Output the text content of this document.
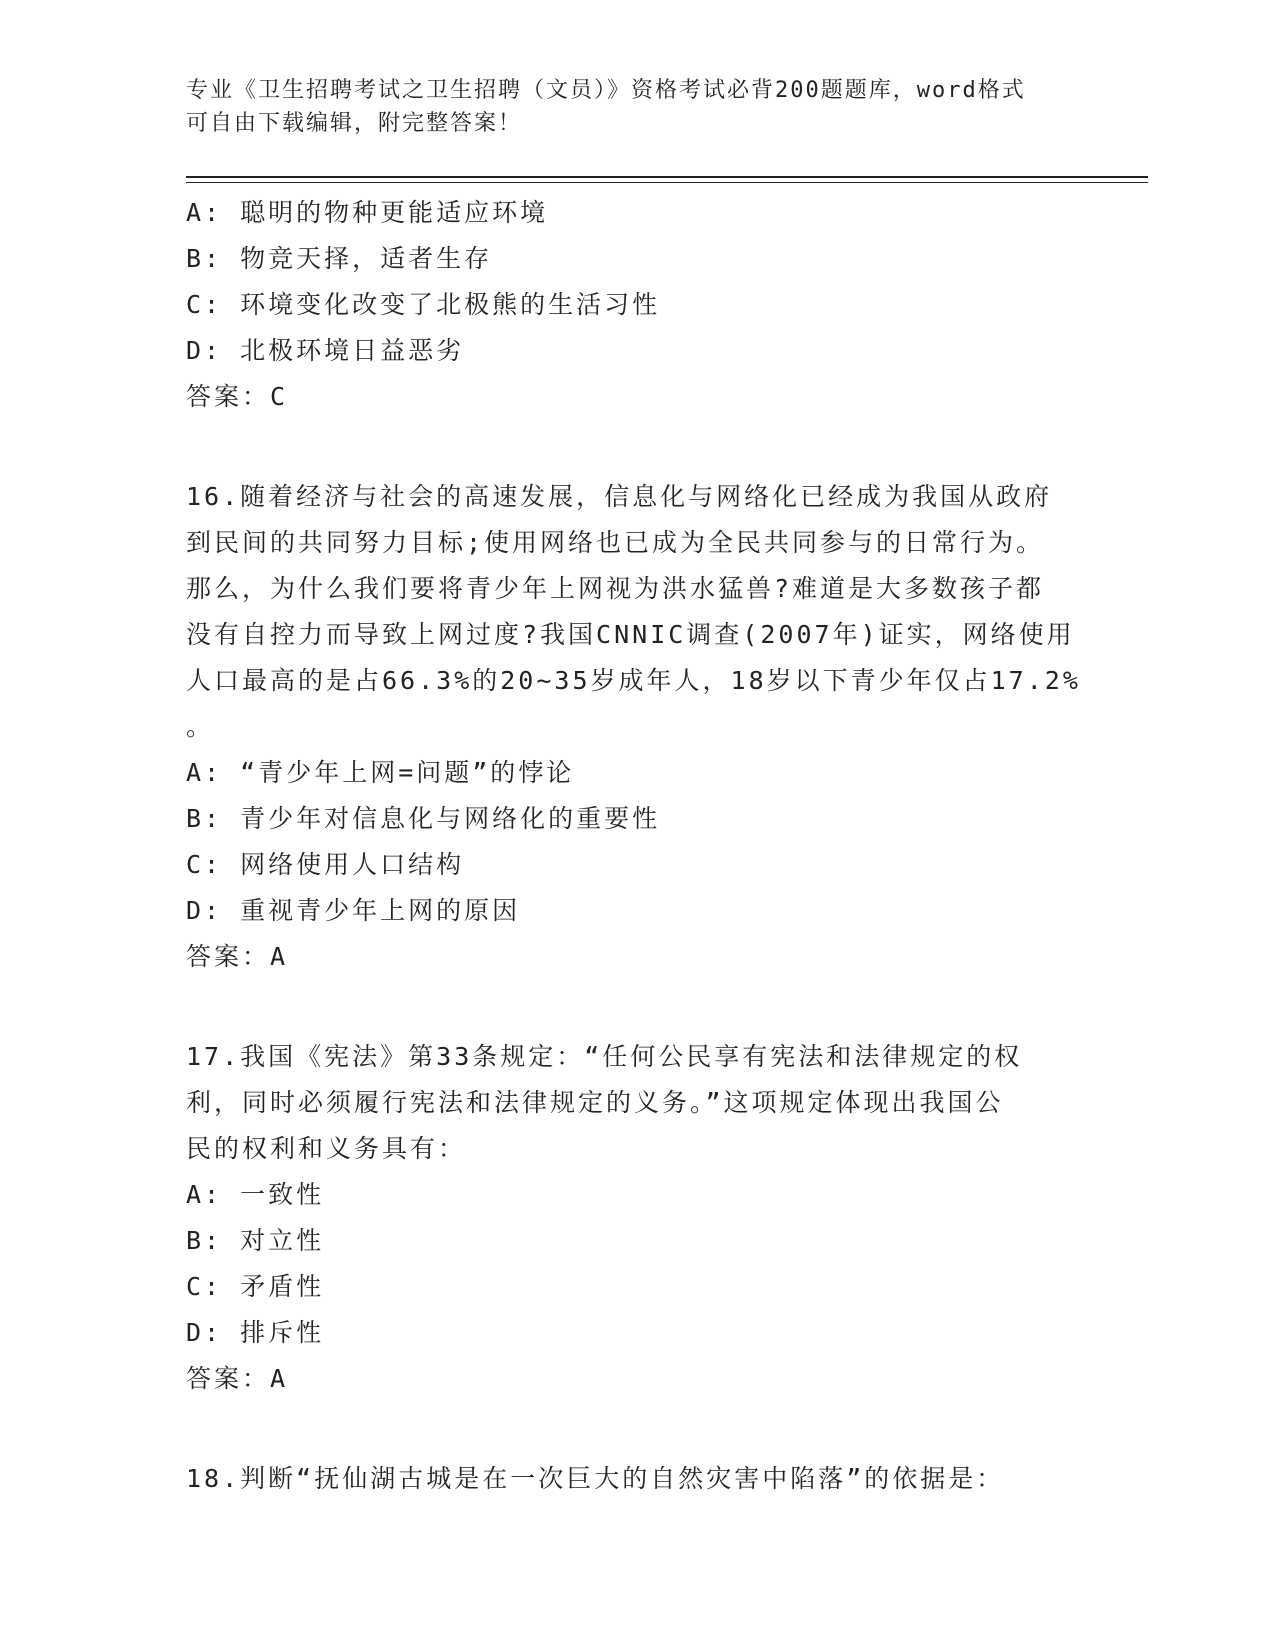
专业《卫生招聘考试之卫生招聘（文员）》资格考试必背200题题库，word格式
可自由下载编辑，附完整答案！
A: 聪明的物种更能适应环境
B: 物竞天择，适者生存
C: 环境变化改变了北极熊的生活习性
D: 北极环境日益恶劣
答案：C
16.随着经济与社会的高速发展，信息化与网络化已经成为我国从政府
到民间的共同努力目标;使用网络也已成为全民共同参与的日常行为。
那么，为什么我们要将青少年上网视为洪水猛兽?难道是大多数孩子都
没有自控力而导致上网过度?我国CNNIC调查(2007年)证实，网络使用
人口最高的是占66.3%的20~35岁成年人，18岁以下青少年仅占17.2%
。
A: “青少年上网=问题”的悖论
B: 青少年对信息化与网络化的重要性
C: 网络使用人口结构
D: 重视青少年上网的原因
答案：A
17.我国《宪法》第33条规定：“任何公民享有宪法和法律规定的权
利，同时必须履行宪法和法律规定的义务。”这项规定体现出我国公
民的权利和义务具有：
A: 一致性
B: 对立性
C: 矛盾性
D: 排斥性
答案：A
18.判断“抚仙湖古城是在一次巨大的自然灾害中陷落”的依据是：
